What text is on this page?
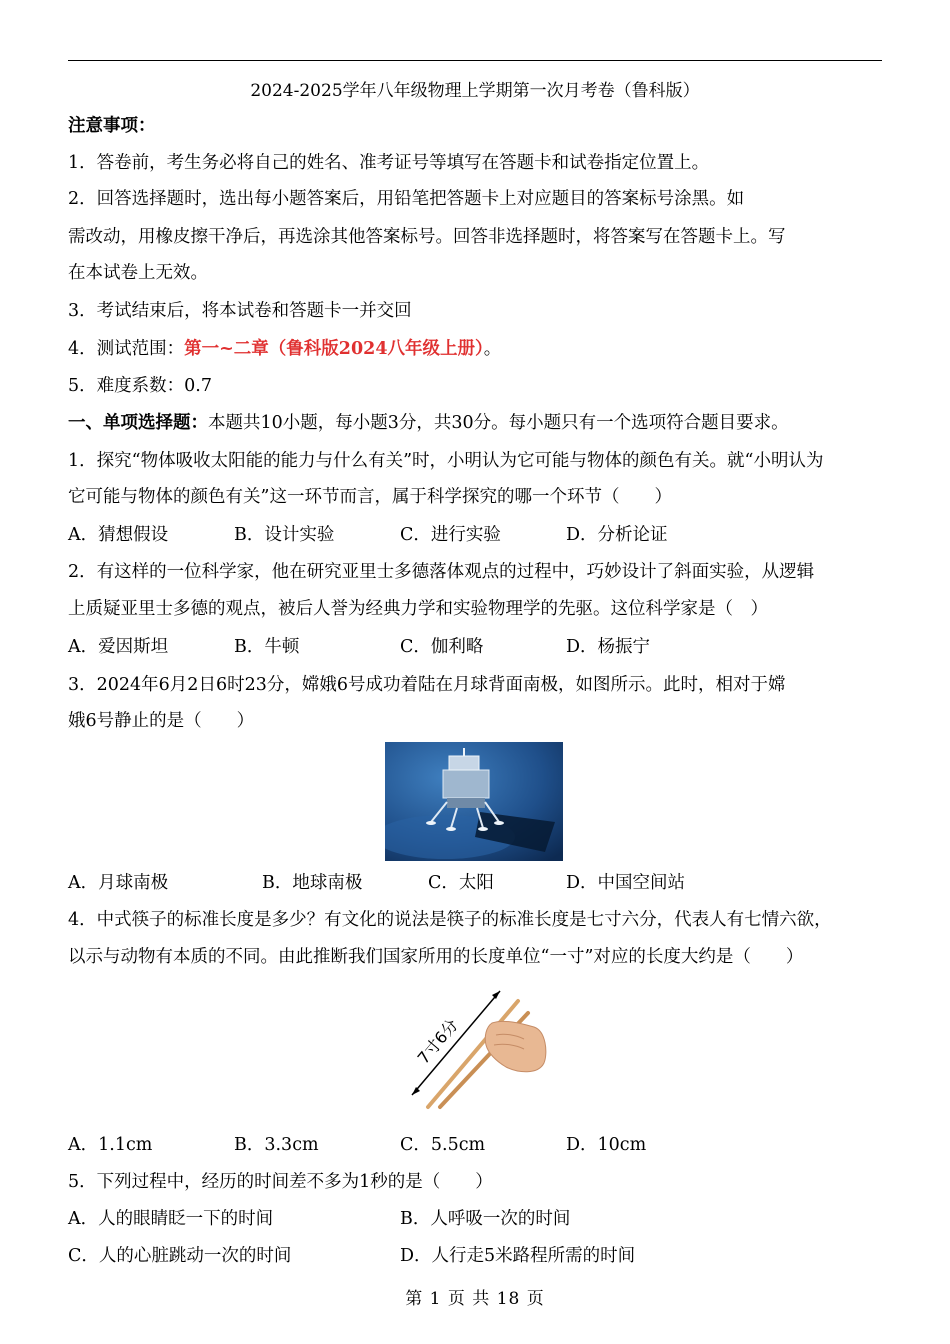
2024-2025学年八年级物理上学期第一次月考卷（鲁科版）
注意事项：
1．答卷前，考生务必将自己的姓名、准考证号等填写在答题卡和试卷指定位置上。
2．回答选择题时，选出每小题答案后，用铅笔把答题卡上对应题目的答案标号涂黑。如
需改动，用橡皮擦干净后，再选涂其他答案标号。回答非选择题时，将答案写在答题卡上。写
在本试卷上无效。
3．考试结束后，将本试卷和答题卡一并交回
4．测试范围：第一~二章（鲁科版2024八年级上册）。
5．难度系数：0.7
一、单项选择题：本题共10小题，每小题3分，共30分。每小题只有一个选项符合题目要求。
1．探究“物体吸收太阳能的能力与什么有关”时，小明认为它可能与物体的颜色有关。就“小明认为
它可能与物体的颜色有关”这一环节而言，属于科学探究的哪一个环节（　　）
A．猜想假设	B．设计实验	C．进行实验	D．分析论证
2．有这样的一位科学家，他在研究亚里士多德落体观点的过程中，巧妙设计了斜面实验，从逻辑
上质疑亚里士多德的观点，被后人誉为经典力学和实验物理学的先驱。这位科学家是（　）
A．爱因斯坦	B．牛顿	C．伽利略	D．杨振宁
3．2024年6月2日6时23分，嫦娥6号成功着陆在月球背面南极，如图所示。此时，相对于嫦
娥6号静止的是（　　）
A．月球南极	B．地球南极	C．太阳	D．中国空间站
4．中式筷子的标准长度是多少？有文化的说法是筷子的标准长度是七寸六分，代表人有七情六欲，
以示与动物有本质的不同。由此推断我们国家所用的长度单位“一寸”对应的长度大约是（　　）
7寸6分
A．1.1cm	B．3.3cm	C．5.5cm	D．10cm
5．下列过程中，经历的时间差不多为1秒的是（　　）
A．人的眼睛眨一下的时间	B．人呼吸一次的时间
C．人的心脏跳动一次的时间	D．人行走5米路程所需的时间
第 1 页 共 18 页
